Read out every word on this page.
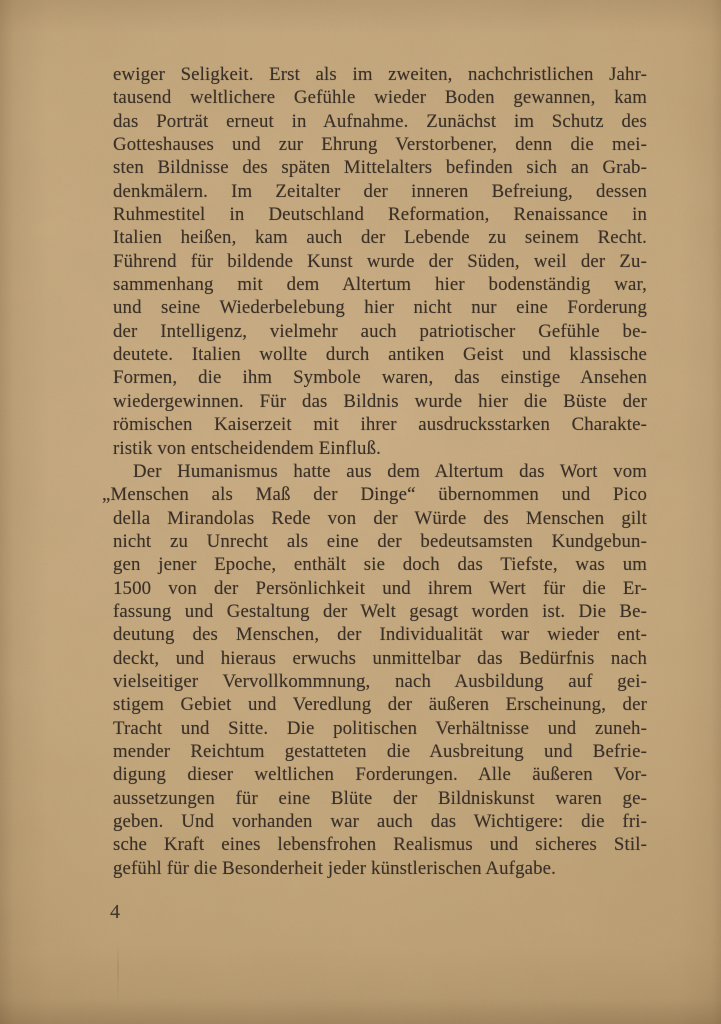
ewiger Seligkeit. Erst als im zweiten, nachchristlichen Jahr-
tausend weltlichere Gefühle wieder Boden gewannen, kam
das Porträt erneut in Aufnahme. Zunächst im Schutz des
Gotteshauses und zur Ehrung Verstorbener, denn die mei-
sten Bildnisse des späten Mittelalters befinden sich an Grab-
denkmälern. Im Zeitalter der inneren Befreiung, dessen
Ruhmestitel in Deutschland Reformation, Renaissance in
Italien heißen, kam auch der Lebende zu seinem Recht.
Führend für bildende Kunst wurde der Süden, weil der Zu-
sammenhang mit dem Altertum hier bodenständig war,
und seine Wiederbelebung hier nicht nur eine Forderung
der Intelligenz, vielmehr auch patriotischer Gefühle be-
deutete. Italien wollte durch antiken Geist und klassische
Formen, die ihm Symbole waren, das einstige Ansehen
wiedergewinnen. Für das Bildnis wurde hier die Büste der
römischen Kaiserzeit mit ihrer ausdrucksstarken Charakte-
ristik von entscheidendem Einfluß.
Der Humanismus hatte aus dem Altertum das Wort vom
„Menschen als Maß der Dinge“ übernommen und Pico
della Mirandolas Rede von der Würde des Menschen gilt
nicht zu Unrecht als eine der bedeutsamsten Kundgebun-
gen jener Epoche, enthält sie doch das Tiefste, was um
1500 von der Persönlichkeit und ihrem Wert für die Er-
fassung und Gestaltung der Welt gesagt worden ist. Die Be-
deutung des Menschen, der Individualität war wieder ent-
deckt, und hieraus erwuchs unmittelbar das Bedürfnis nach
vielseitiger Vervollkommnung, nach Ausbildung auf gei-
stigem Gebiet und Veredlung der äußeren Erscheinung, der
Tracht und Sitte. Die politischen Verhältnisse und zuneh-
mender Reichtum gestatteten die Ausbreitung und Befrie-
digung dieser weltlichen Forderungen. Alle äußeren Vor-
aussetzungen für eine Blüte der Bildniskunst waren ge-
geben. Und vorhanden war auch das Wichtigere: die fri-
sche Kraft eines lebensfrohen Realismus und sicheres Stil-
gefühl für die Besonderheit jeder künstlerischen Aufgabe.
4
